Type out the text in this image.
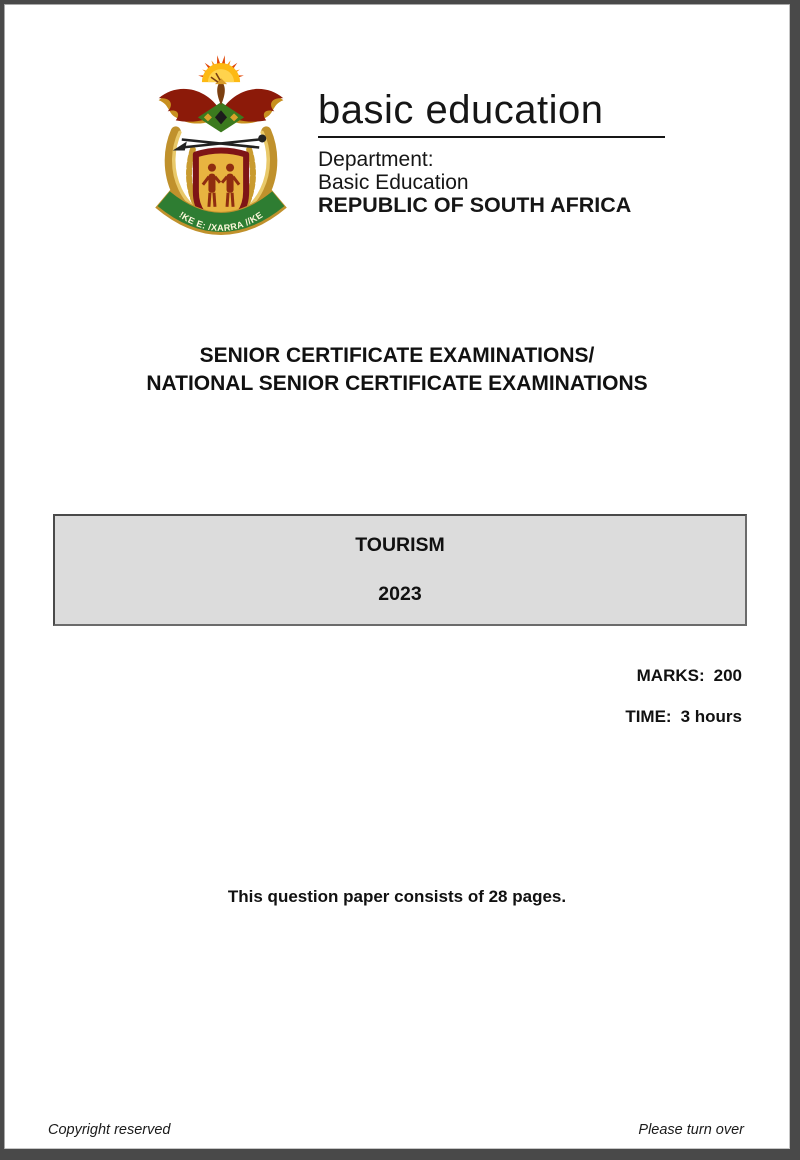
!KE E: /XARRA //KE
basic education
Department:
Basic Education
REPUBLIC OF SOUTH AFRICA
SENIOR CERTIFICATE EXAMINATIONS/
NATIONAL SENIOR CERTIFICATE EXAMINATIONS
TOURISM
2023
MARKS: 200
TIME: 3 hours
This question paper consists of 28 pages.
Copyright reserved	Please turn over
